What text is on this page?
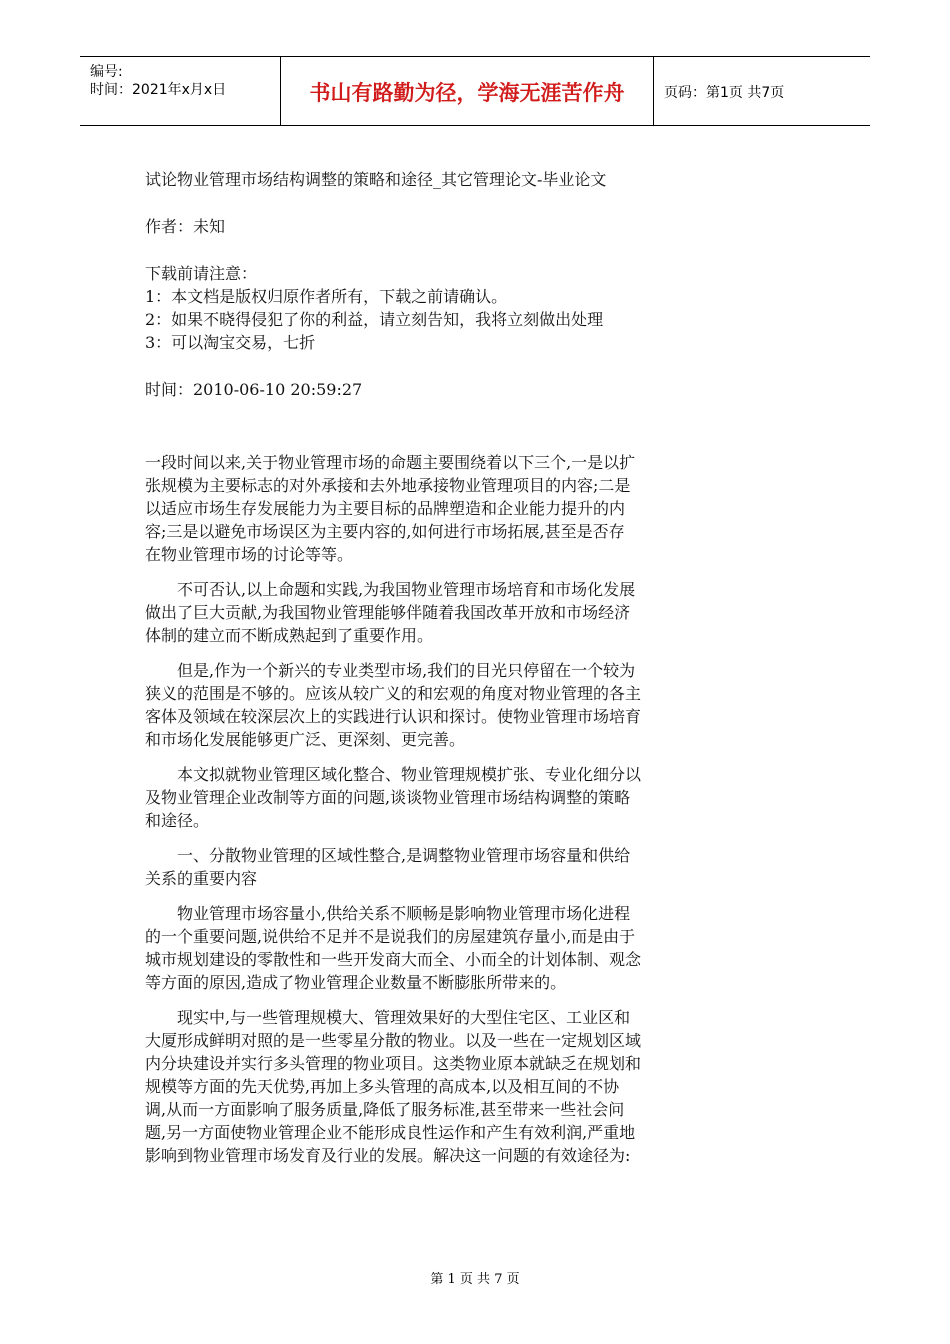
编号:
时间：2021年x月x日	书山有路勤为径，学海无涯苦作舟	页码：第1页 共7页
试论物业管理市场结构调整的策略和途径_其它管理论文-毕业论文
作者：未知
下载前请注意：
1：本文档是版权归原作者所有，下载之前请确认。
2：如果不晓得侵犯了你的利益，请立刻告知，我将立刻做出处理
3：可以淘宝交易，七折
时间：2010-06-10 20:59:27
一段时间以来,关于物业管理市场的命题主要围绕着以下三个,一是以扩
张规模为主要标志的对外承接和去外地承接物业管理项目的内容;二是
以适应市场生存发展能力为主要目标的品牌塑造和企业能力提升的内
容;三是以避免市场误区为主要内容的,如何进行市场拓展,甚至是否存
在物业管理市场的讨论等等。
　　不可否认,以上命题和实践,为我国物业管理市场培育和市场化发展
做出了巨大贡献,为我国物业管理能够伴随着我国改革开放和市场经济
体制的建立而不断成熟起到了重要作用。
　　但是,作为一个新兴的专业类型市场,我们的目光只停留在一个较为
狭义的范围是不够的。应该从较广义的和宏观的角度对物业管理的各主
客体及领域在较深层次上的实践进行认识和探讨。使物业管理市场培育
和市场化发展能够更广泛、更深刻、更完善。
　　本文拟就物业管理区域化整合、物业管理规模扩张、专业化细分以
及物业管理企业改制等方面的问题,谈谈物业管理市场结构调整的策略
和途径。
　　一、分散物业管理的区域性整合,是调整物业管理市场容量和供给
关系的重要内容
　　物业管理市场容量小,供给关系不顺畅是影响物业管理市场化进程
的一个重要问题,说供给不足并不是说我们的房屋建筑存量小,而是由于
城市规划建设的零散性和一些开发商大而全、小而全的计划体制、观念
等方面的原因,造成了物业管理企业数量不断膨胀所带来的。
　　现实中,与一些管理规模大、管理效果好的大型住宅区、工业区和
大厦形成鲜明对照的是一些零星分散的物业。以及一些在一定规划区域
内分块建设并实行多头管理的物业项目。这类物业原本就缺乏在规划和
规模等方面的先天优势,再加上多头管理的高成本,以及相互间的不协
调,从而一方面影响了服务质量,降低了服务标准,甚至带来一些社会问
题,另一方面使物业管理企业不能形成良性运作和产生有效利润,严重地
影响到物业管理市场发育及行业的发展。解决这一问题的有效途径为:
第 1 页 共 7 页
